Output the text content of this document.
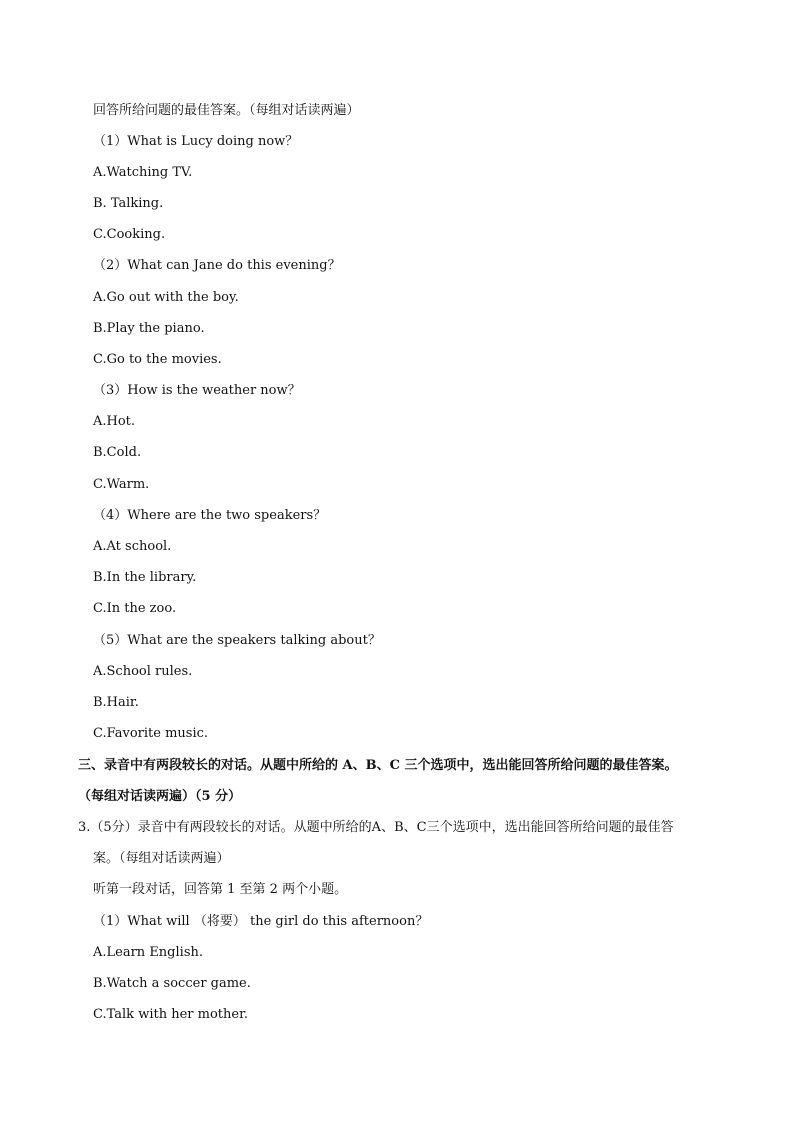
回答所给问题的最佳答案。（每组对话读两遍）
（1）What is Lucy doing now？
A.Watching TV.
B. Talking.
C.Cooking.
（2）What can Jane do this evening？
A.Go out with the boy.
B.Play the piano.
C.Go to the movies.
（3）How is the weather now？
A.Hot.
B.Cold.
C.Warm.
（4）Where are the two speakers？
A.At school.
B.In the library.
C.In the zoo.
（5）What are the speakers talking about？
A.School rules.
B.Hair.
C.Favorite music.
三、录音中有两段较长的对话。从题中所给的 A、B、C 三个选项中，选出能回答所给问题的最佳答案。
（每组对话读两遍）（5 分）
3.（5分）录音中有两段较长的对话。从题中所给的A、B、C三个选项中，选出能回答所给问题的最佳答
案。（每组对话读两遍）
听第一段对话，回答第 1 至第 2 两个小题。
（1）What will （将要） the girl do this afternoon？
A.Learn English.
B.Watch a soccer game.
C.Talk with her mother.
